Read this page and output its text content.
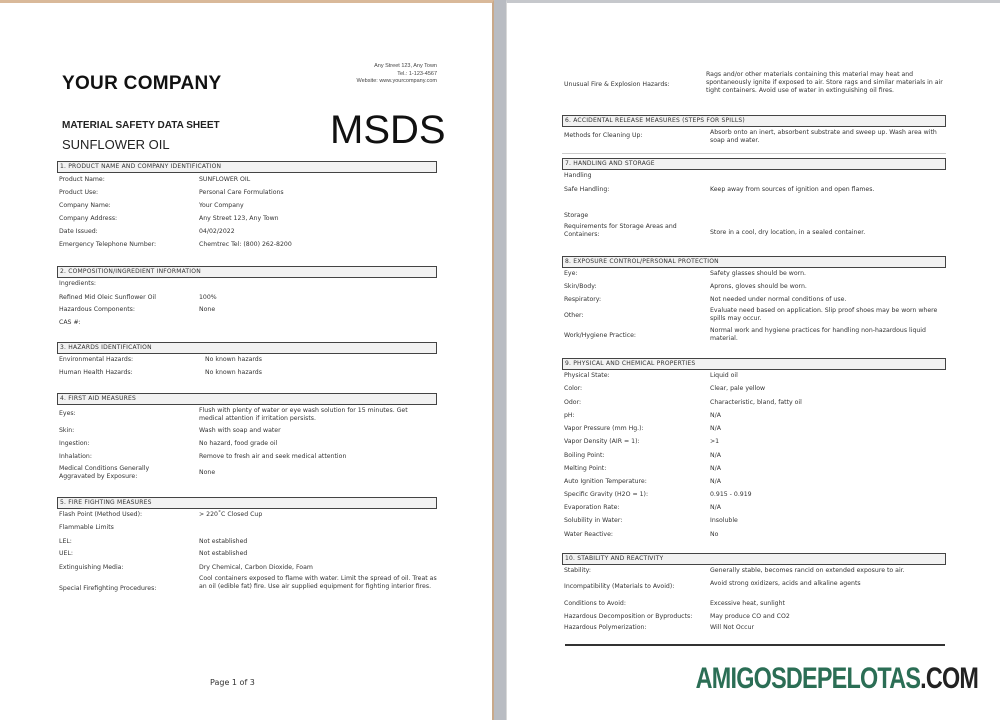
YOUR COMPANY
Any Street 123, Any Town
Tel.: 1-123-4567
Website: www.yourcompany.com
MATERIAL SAFETY DATA SHEET
SUNFLOWER OIL	MSDS
1. PRODUCT NAME AND COMPANY IDENTIFICATION
Product Name:	SUNFLOWER OIL
Product Use:	Personal Care Formulations
Company Name:	Your Company
Company Address:	Any Street 123, Any Town
Date Issued:	04/02/2022
Emergency Telephone Number:	Chemtrec Tel: (800) 262-8200
2. COMPOSITION/INGREDIENT INFORMATION
Ingredients:
Refined Mid Oleic Sunflower Oil	100%
Hazardous Components:	None
CAS #:
3. HAZARDS IDENTIFICATION
Environmental Hazards:	No known hazards
Human Health Hazards:	No known hazards
4. FIRST AID MEASURES
Eyes:	Flush with plenty of water or eye wash solution for 15 minutes. Get medical attention if irritation persists.
Skin:	Wash with soap and water
Ingestion:	No hazard, food grade oil
Inhalation:	Remove to fresh air and seek medical attention
Medical Conditions Generally Aggravated by Exposure:
None
5. FIRE FIGHTING MEASURES
Flash Point (Method Used):	> 220˚C Closed Cup
Flammable Limits
LEL:	Not established
UEL:	Not established
Extinguishing Media:	Dry Chemical, Carbon Dioxide, Foam
Special Firefighting Procedures:
Cool containers exposed to flame with water. Limit the spread of oil. Treat as an oil (edible fat) fire. Use air supplied equipment for fighting interior fires.
Page 1 of 3
Unusual Fire & Explosion Hazards:
Rags and/or other materials containing this material may heat and spontaneously ignite if exposed to air. Store rags and similar materials in air tight containers. Avoid use of water in extinguishing oil fires.
6. ACCIDENTAL RELEASE MEASURES (STEPS FOR SPILLS)
Methods for Cleaning Up:	Absorb onto an inert, absorbent substrate and sweep up. Wash area with soap and water.
7. HANDLING AND STORAGE
Handling
Safe Handling:	Keep away from sources of ignition and open flames.
Storage
Requirements for Storage Areas and Containers:	Store in a cool, dry location, in a sealed container.
8. EXPOSURE CONTROL/PERSONAL PROTECTION
Eye:	Safety glasses should be worn.
Skin/Body:	Aprons, gloves should be worn.
Respiratory:	Not needed under normal conditions of use.
Other:
Evaluate need based on application. Slip proof shoes may be worn where spills may occur.
Work/Hygiene Practice:
Normal work and hygiene practices for handling non-hazardous liquid material.
9. PHYSICAL AND CHEMICAL PROPERTIES
Physical State:	Liquid oil
Color:	Clear, pale yellow
Odor:	Characteristic, bland, fatty oil
pH:	N/A
Vapor Pressure (mm Hg.):	N/A
Vapor Density (AIR = 1):	>1
Boiling Point:	N/A
Melting Point:	N/A
Auto Ignition Temperature:	N/A
Specific Gravity (H2O = 1):	0.915 - 0.919
Evaporation Rate:	N/A
Solubility in Water:	Insoluble
Water Reactive:	No
10. STABILITY AND REACTIVITY
Stability:	Generally stable, becomes rancid on extended exposure to air.
Incompatibility (Materials to Avoid):	Avoid strong oxidizers, acids and alkaline agents
Conditions to Avoid:	Excessive heat, sunlight
Hazardous Decomposition or Byproducts:	May produce CO and CO2
Hazardous Polymerization:	Will Not Occur
AMIGOSDEPELOTAS.COM
